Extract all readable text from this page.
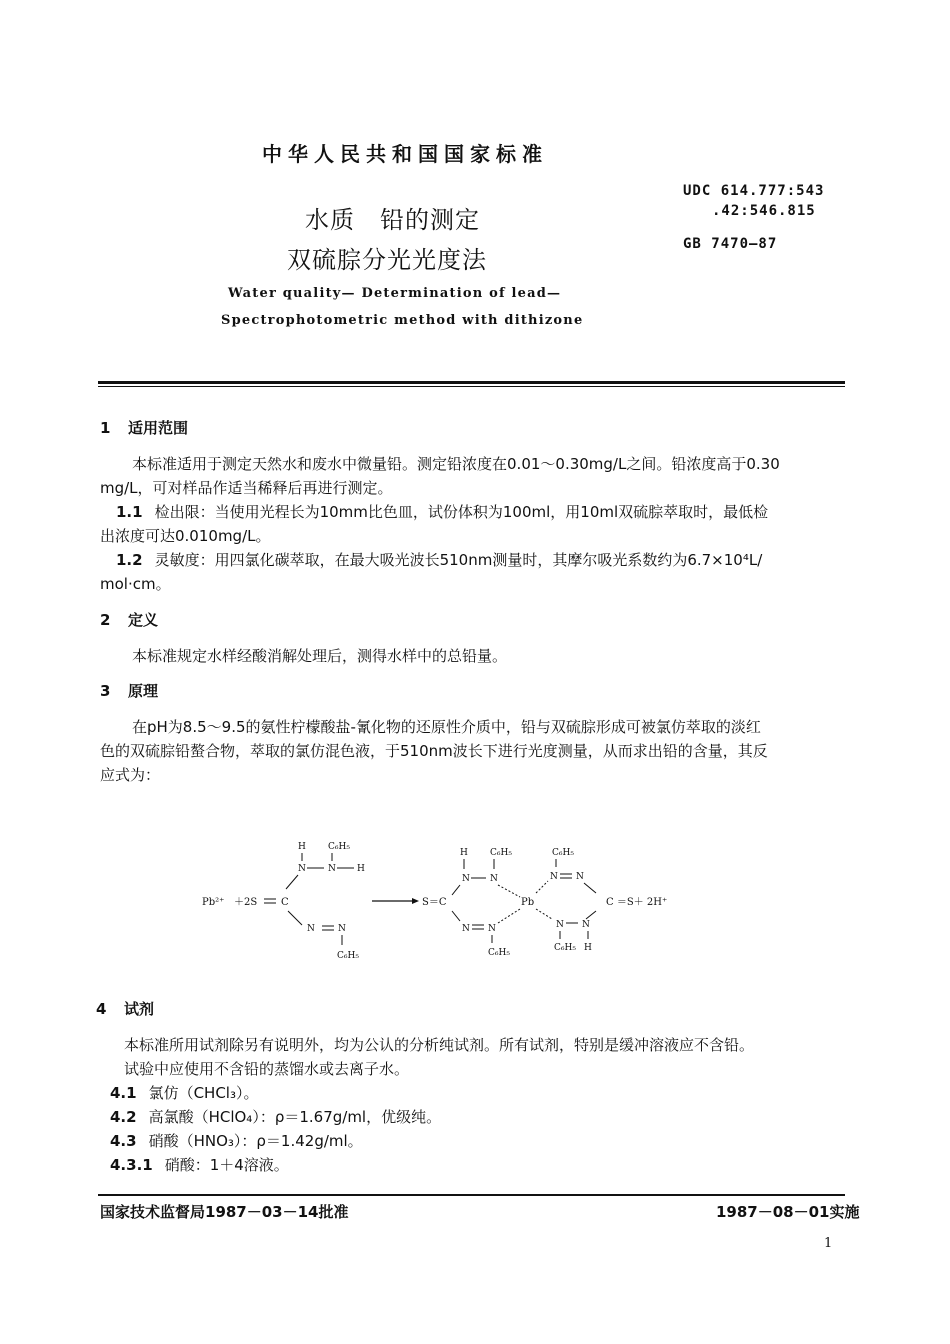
中华人民共和国国家标准
水质　铅的测定
双硫腙分光光度法
UDC 614.777:543
.42:546.815
GB 7470—87
Water quality— Determination of lead—
Spectrophotometric method with dithizone
1 适用范围
本标准适用于测定天然水和废水中微量铅。测定铅浓度在0.01～0.30mg/L之间。铅浓度高于0.30
mg/L，可对样品作适当稀释后再进行测定。
1.1 检出限：当使用光程长为10mm比色皿，试份体积为100ml，用10ml双硫腙萃取时，最低检
出浓度可达0.010mg/L。
1.2 灵敏度：用四氯化碳萃取，在最大吸光波长510nm测量时，其摩尔吸光系数约为6.7×10⁴L/
mol·cm。
2 定义
本标准规定水样经酸消解处理后，测得水样中的总铅量。
3 原理
在pH为8.5～9.5的氨性柠檬酸盐-氰化物的还原性介质中，铅与双硫腙形成可被氯仿萃取的淡红
色的双硫腙铅螯合物，萃取的氯仿混色液，于510nm波长下进行光度测量，从而求出铅的含量，其反
应式为：
H C₆H₅
N N H
Pb²⁺ ＋2S C
N	N
C₆H₅
S＝C
H C₆H₅
N N
N N
C₆H₅
Pb
C₆H₅
N N
C ＝S＋ 2H⁺
N N
C₆H₅ H
4 试剂
本标准所用试剂除另有说明外，均为公认的分析纯试剂。所有试剂，特别是缓冲溶液应不含铅。
试验中应使用不含铅的蒸馏水或去离子水。
4.1 氯仿（CHCl₃）。
4.2 高氯酸（HClO₄）：ρ＝1.67g/ml，优级纯。
4.3 硝酸（HNO₃）：ρ＝1.42g/ml。
4.3.1 硝酸：1＋4溶液。
国家技术监督局1987－03－14批准	1987－08－01实施
1
